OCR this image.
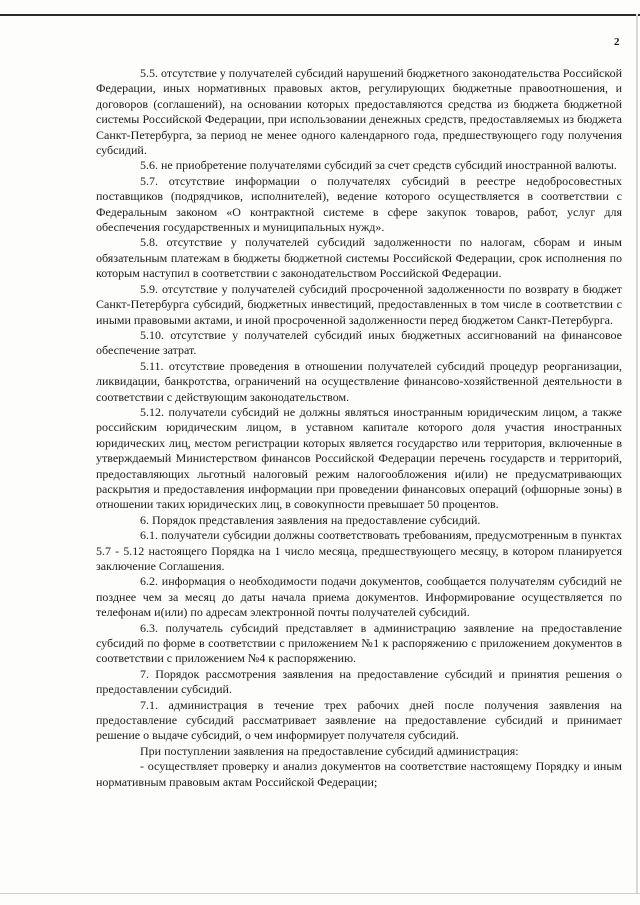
2

5.5. отсутствие у получателей субсидий нарушений бюджетного законодательства Российской Федерации, иных нормативных правовых актов, регулирующих бюджетные правоотношения, и договоров (соглашений), на основании которых предоставляются средства из бюджета бюджетной системы Российской Федерации, при использовании денежных средств, предоставляемых из бюджета Санкт-Петербурга, за период не менее одного календарного года, предшествующего году получения субсидий.

5.6. не приобретение получателями субсидий за счет средств субсидий иностранной валюты.

5.7. отсутствие информации о получателях субсидий в реестре недобросовестных поставщиков (подрядчиков, исполнителей), ведение которого осуществляется в соответствии с Федеральным законом «О контрактной системе в сфере закупок товаров, работ, услуг для обеспечения государственных и муниципальных нужд».

5.8. отсутствие у получателей субсидий задолженности по налогам, сборам и иным обязательным платежам в бюджеты бюджетной системы Российской Федерации, срок исполнения по которым наступил в соответствии с законодательством Российской Федерации.

5.9. отсутствие у получателей субсидий просроченной задолженности по возврату в бюджет Санкт-Петербурга субсидий, бюджетных инвестиций, предоставленных в том числе в соответствии с иными правовыми актами, и иной просроченной задолженности перед бюджетом Санкт-Петербурга.

5.10. отсутствие у получателей субсидий иных бюджетных ассигнований на финансовое обеспечение затрат.

5.11. отсутствие проведения в отношении получателей субсидий процедур реорганизации, ликвидации, банкротства, ограничений на осуществление финансово-хозяйственной деятельности в соответствии с действующим законодательством.

5.12. получатели субсидий не должны являться иностранным юридическим лицом, а также российским юридическим лицом, в уставном капитале которого доля участия иностранных юридических лиц, местом регистрации которых является государство или территория, включенные в утверждаемый Министерством финансов Российской Федерации перечень государств и территорий, предоставляющих льготный налоговый режим налогообложения и(или) не предусматривающих раскрытия и предоставления информации при проведении финансовых операций (офшорные зоны) в отношении таких юридических лиц, в совокупности превышает 50 процентов.

6. Порядок представления заявления на предоставление субсидий.

6.1. получатели субсидии должны соответствовать требованиям, предусмотренным в пунктах 5.7 - 5.12 настоящего Порядка на 1 число месяца, предшествующего месяцу, в котором планируется заключение Соглашения.

6.2. информация о необходимости подачи документов, сообщается получателям субсидий не позднее чем за месяц до даты начала приема документов. Информирование осуществляется по телефонам и(или) по адресам электронной почты получателей субсидий.

6.3. получатель субсидий представляет в администрацию заявление на предоставление субсидий по форме в соответствии с приложением №1 к распоряжению с приложением документов в соответствии с приложением №4 к распоряжению.

7. Порядок рассмотрения заявления на предоставление субсидий и принятия решения о предоставлении субсидий.

7.1. администрация в течение трех рабочих дней после получения заявления на предоставление субсидий рассматривает заявление на предоставление субсидий и принимает решение о выдаче субсидий, о чем информирует получателя субсидий.

При поступлении заявления на предоставление субсидий администрация:

- осуществляет проверку и анализ документов на соответствие настоящему Порядку и иным нормативным правовым актам Российской Федерации;
